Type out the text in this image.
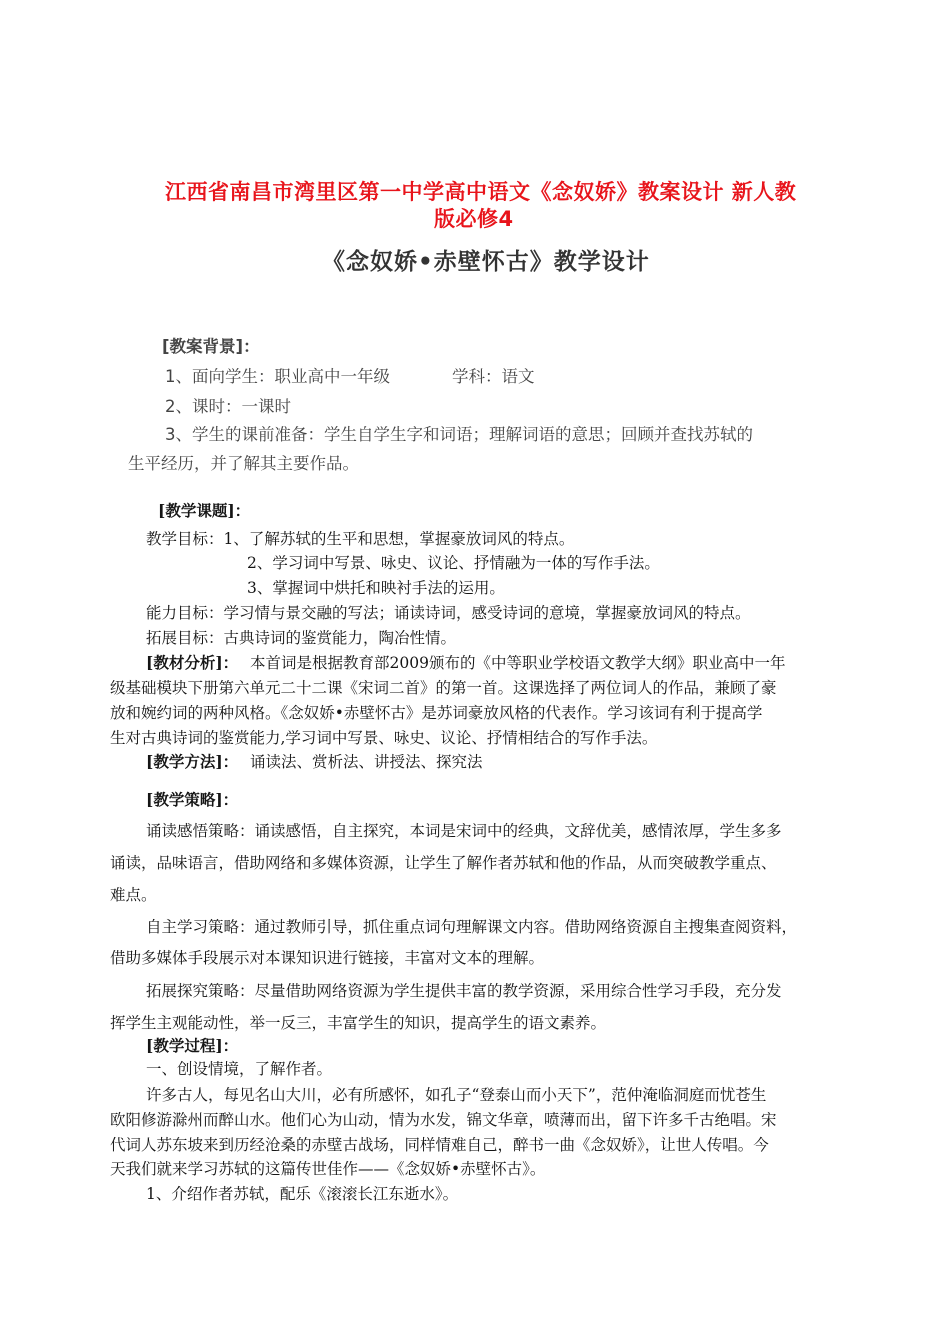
江西省南昌市湾里区第一中学高中语文《念奴娇》教案设计 新人教
版必修4
《念奴娇•赤壁怀古》教学设计
[教案背景]：
1、面向学生：职业高中一年级	学科：语文
2、课时：一课时
3、学生的课前准备：学生自学生字和词语；理解词语的意思；回顾并查找苏轼的
生平经历，并了解其主要作品。
[教学课题]：
教学目标：1、了解苏轼的生平和思想，掌握豪放词风的特点。
2、学习词中写景、咏史、议论、抒情融为一体的写作手法。
3、掌握词中烘托和映衬手法的运用。
能力目标：学习情与景交融的写法；诵读诗词，感受诗词的意境，掌握豪放词风的特点。
拓展目标：古典诗词的鉴赏能力，陶冶性情。
[教材分析]： 本首词是根据教育部2009颁布的《中等职业学校语文教学大纲》职业高中一年
级基础模块下册第六单元二十二课《宋词二首》的第一首。这课选择了两位词人的作品，兼顾了豪
放和婉约词的两种风格。《念奴娇•赤壁怀古》是苏词豪放风格的代表作。学习该词有利于提高学
生对古典诗词的鉴赏能力,学习词中写景、咏史、议论、抒情相结合的写作手法。
[教学方法]： 诵读法、赏析法、讲授法、探究法
[教学策略]：
诵读感悟策略：诵读感悟，自主探究，本词是宋词中的经典，文辞优美，感情浓厚，学生多多
诵读，品味语言，借助网络和多媒体资源，让学生了解作者苏轼和他的作品，从而突破教学重点、
难点。
自主学习策略：通过教师引导，抓住重点词句理解课文内容。借助网络资源自主搜集查阅资料，
借助多媒体手段展示对本课知识进行链接，丰富对文本的理解。
拓展探究策略：尽量借助网络资源为学生提供丰富的教学资源，采用综合性学习手段，充分发
挥学生主观能动性，举一反三，丰富学生的知识，提高学生的语文素养。
[教学过程]：
一、创设情境，了解作者。
许多古人，每见名山大川，必有所感怀，如孔子“登泰山而小天下”，范仲淹临洞庭而忧苍生
欧阳修游滁州而醉山水。他们心为山动，情为水发，锦文华章，喷薄而出，留下许多千古绝唱。宋
代词人苏东坡来到历经沧桑的赤壁古战场，同样情难自己，醉书一曲《念奴娇》，让世人传唱。今
天我们就来学习苏轼的这篇传世佳作——《念奴娇•赤壁怀古》。
1、介绍作者苏轼，配乐《滚滚长江东逝水》。
